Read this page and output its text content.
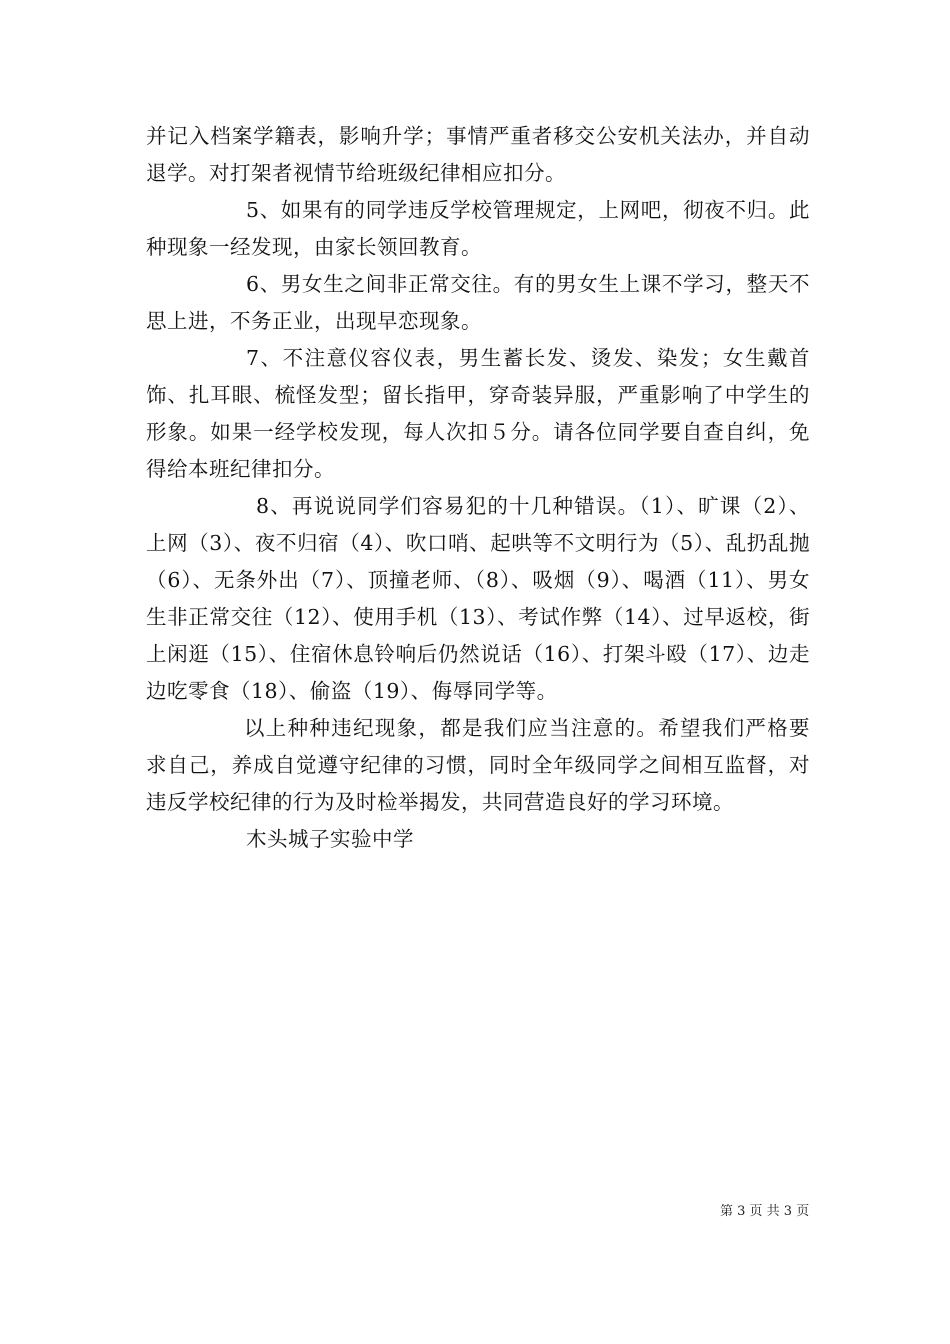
并记入档案学籍表，影响升学；事情严重者移交公安机关法办，并自动退学。对打架者视情节给班级纪律相应扣分。

5、如果有的同学违反学校管理规定，上网吧，彻夜不归。此种现象一经发现，由家长领回教育。

6、男女生之间非正常交往。有的男女生上课不学习，整天不思上进，不务正业，出现早恋现象。

7、不注意仪容仪表，男生蓄长发、烫发、染发；女生戴首饰、扎耳眼、梳怪发型；留长指甲，穿奇装异服，严重影响了中学生的形象。如果一经学校发现，每人次扣５分。请各位同学要自查自纠，免得给本班纪律扣分。

8、再说说同学们容易犯的十几种错误。（1）、旷课（2）、上网（3）、夜不归宿（4）、吹口哨、起哄等不文明行为（5）、乱扔乱抛（6）、无条外出（7）、顶撞老师、（8）、吸烟（9）、喝酒（11）、男女生非正常交往（12）、使用手机（13）、考试作弊（14）、过早返校，街上闲逛（15）、住宿休息铃响后仍然说话（16）、打架斗殴（17）、边走边吃零食（18）、偷盗（19）、侮辱同学等。

以上种种违纪现象，都是我们应当注意的。希望我们严格要求自己，养成自觉遵守纪律的习惯，同时全年级同学之间相互监督，对违反学校纪律的行为及时检举揭发，共同营造良好的学习环境。

木头城子实验中学

第 3 页 共 3 页
